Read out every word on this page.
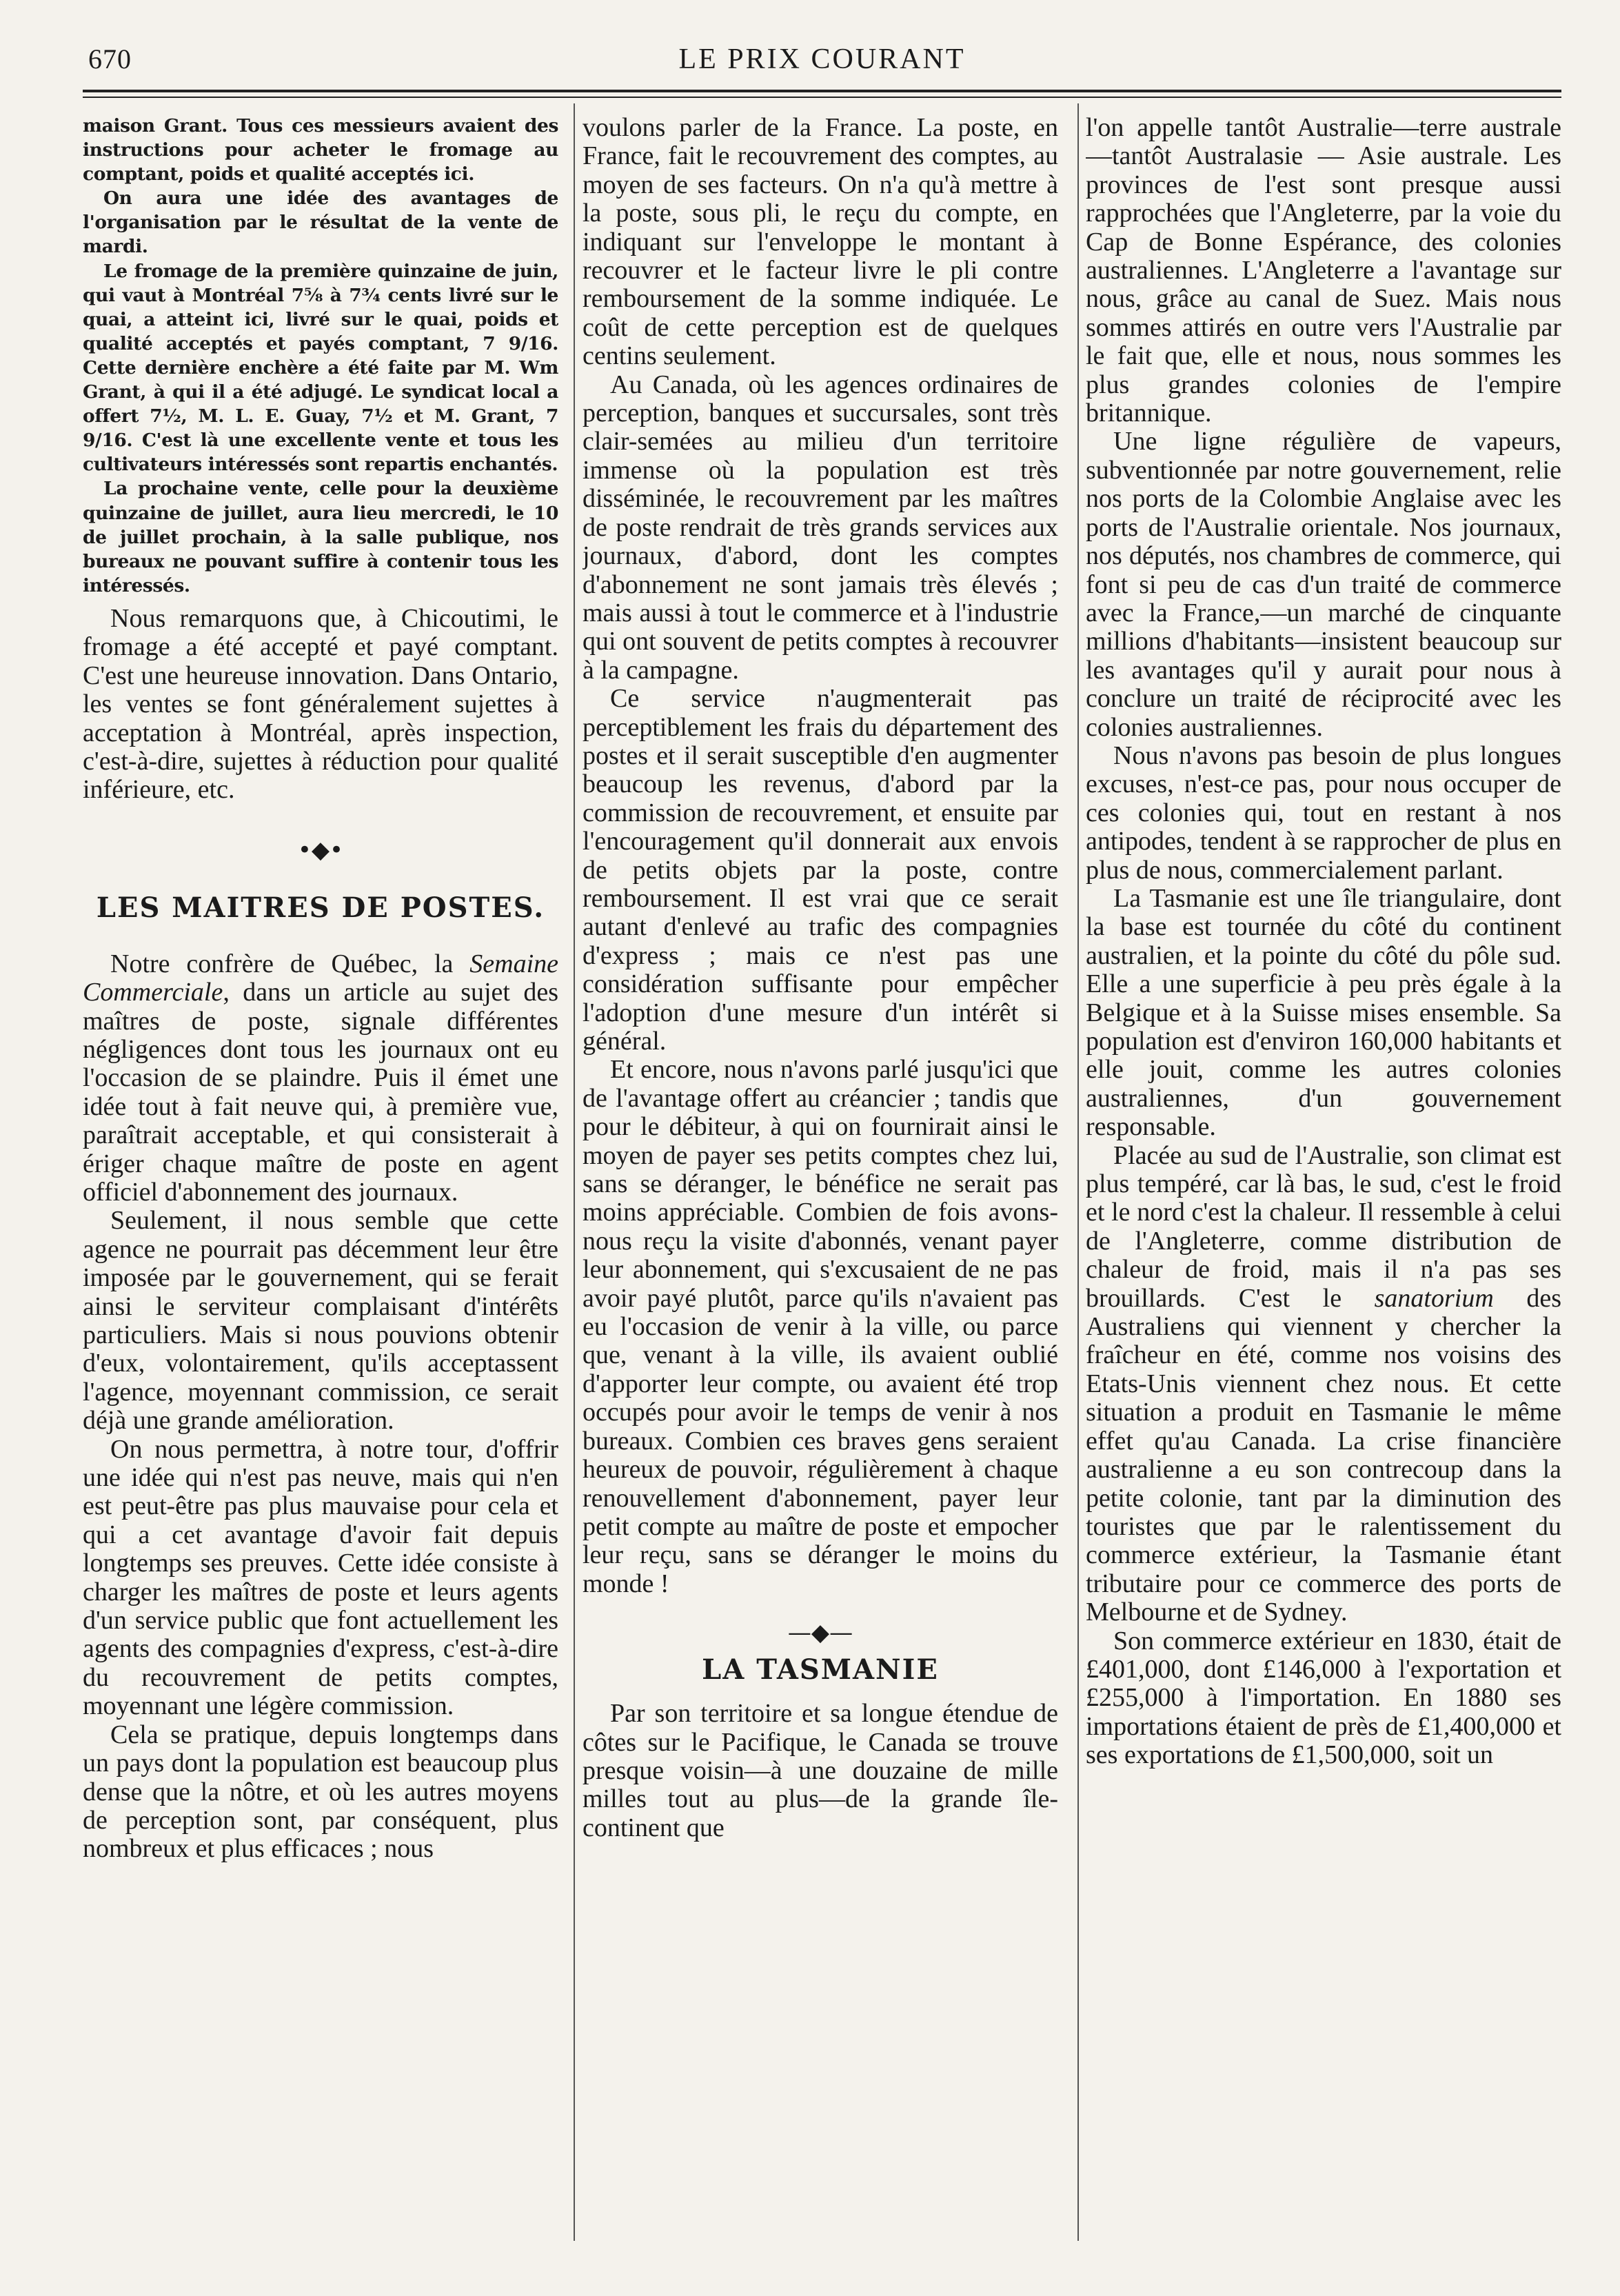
670	LE PRIX COURANT

maison Grant. Tous ces messieurs avaient des instructions pour acheter le fromage au comptant, poids et qualité acceptés ici.

On aura une idée des avantages de l'organisation par le résultat de la vente de mardi.

Le fromage de la première quinzaine de juin, qui vaut à Montréal 7⅝ à 7¾ cents livré sur le quai, a atteint ici, livré sur le quai, poids et qualité acceptés et payés comptant, 7 9/16. Cette dernière enchère a été faite par M. Wm Grant, à qui il a été adjugé. Le syndicat local a offert 7½, M. L. E. Guay, 7½ et M. Grant, 7 9/16. C'est là une excellente vente et tous les cultivateurs intéressés sont repartis enchantés.

La prochaine vente, celle pour la deuxième quinzaine de juillet, aura lieu mercredi, le 10 de juillet prochain, à la salle publique, nos bureaux ne pouvant suffire à contenir tous les intéressés.

Nous remarquons que, à Chicoutimi, le fromage a été accepté et payé comptant. C'est une heureuse innovation. Dans Ontario, les ventes se font généralement sujettes à acceptation à Montréal, après inspection, c'est-à-dire, sujettes à réduction pour qualité inférieure, etc.

•◆•
LES MAITRES DE POSTES.

Notre confrère de Québec, la Semaine Commerciale, dans un article au sujet des maîtres de poste, signale différentes négligences dont tous les journaux ont eu l'occasion de se plaindre. Puis il émet une idée tout à fait neuve qui, à première vue, paraîtrait acceptable, et qui consisterait à ériger chaque maître de poste en agent officiel d'abonnement des journaux.

Seulement, il nous semble que cette agence ne pourrait pas décemment leur être imposée par le gouvernement, qui se ferait ainsi le serviteur complaisant d'intérêts particuliers. Mais si nous pouvions obtenir d'eux, volontairement, qu'ils acceptassent l'agence, moyennant commission, ce serait déjà une grande amélioration.

On nous permettra, à notre tour, d'offrir une idée qui n'est pas neuve, mais qui n'en est peut-être pas plus mauvaise pour cela et qui a cet avantage d'avoir fait depuis longtemps ses preuves. Cette idée consiste à charger les maîtres de poste et leurs agents d'un service public que font actuellement les agents des compagnies d'express, c'est-à-dire du recouvrement de petits comptes, moyennant une légère commission.

Cela se pratique, depuis longtemps dans un pays dont la population est beaucoup plus dense que la nôtre, et où les autres moyens de perception sont, par conséquent, plus nombreux et plus efficaces ; nous

voulons parler de la France. La poste, en France, fait le recouvrement des comptes, au moyen de ses facteurs. On n'a qu'à mettre à la poste, sous pli, le reçu du compte, en indiquant sur l'enveloppe le montant à recouvrer et le facteur livre le pli contre remboursement de la somme indiquée. Le coût de cette perception est de quelques centins seulement.

Au Canada, où les agences ordinaires de perception, banques et succursales, sont très clair-semées au milieu d'un territoire immense où la population est très disséminée, le recouvrement par les maîtres de poste rendrait de très grands services aux journaux, d'abord, dont les comptes d'abonnement ne sont jamais très élevés ; mais aussi à tout le commerce et à l'industrie qui ont souvent de petits comptes à recouvrer à la campagne.

Ce service n'augmenterait pas perceptiblement les frais du département des postes et il serait susceptible d'en augmenter beaucoup les revenus, d'abord par la commission de recouvrement, et ensuite par l'encouragement qu'il donnerait aux envois de petits objets par la poste, contre remboursement. Il est vrai que ce serait autant d'enlevé au trafic des compagnies d'express ; mais ce n'est pas une considération suffisante pour empêcher l'adoption d'une mesure d'un intérêt si général.

Et encore, nous n'avons parlé jusqu'ici que de l'avantage offert au créancier ; tandis que pour le débiteur, à qui on fournirait ainsi le moyen de payer ses petits comptes chez lui, sans se déranger, le bénéfice ne serait pas moins appréciable. Combien de fois avons-nous reçu la visite d'abonnés, venant payer leur abonnement, qui s'excusaient de ne pas avoir payé plutôt, parce qu'ils n'avaient pas eu l'occasion de venir à la ville, ou parce que, venant à la ville, ils avaient oublié d'apporter leur compte, ou avaient été trop occupés pour avoir le temps de venir à nos bureaux. Combien ces braves gens seraient heureux de pouvoir, régulièrement à chaque renouvellement d'abonnement, payer leur petit compte au maître de poste et empocher leur reçu, sans se déranger le moins du monde !

—◆—
LA TASMANIE

Par son territoire et sa longue étendue de côtes sur le Pacifique, le Canada se trouve presque voisin—à une douzaine de mille milles tout au plus—de la grande île-continent que

l'on appelle tantôt Australie—terre australe—tantôt Australasie — Asie australe. Les provinces de l'est sont presque aussi rapprochées que l'Angleterre, par la voie du Cap de Bonne Espérance, des colonies australiennes. L'Angleterre a l'avantage sur nous, grâce au canal de Suez. Mais nous sommes attirés en outre vers l'Australie par le fait que, elle et nous, nous sommes les plus grandes colonies de l'empire britannique.

Une ligne régulière de vapeurs, subventionnée par notre gouvernement, relie nos ports de la Colombie Anglaise avec les ports de l'Australie orientale. Nos journaux, nos députés, nos chambres de commerce, qui font si peu de cas d'un traité de commerce avec la France,—un marché de cinquante millions d'habitants—insistent beaucoup sur les avantages qu'il y aurait pour nous à conclure un traité de réciprocité avec les colonies australiennes.

Nous n'avons pas besoin de plus longues excuses, n'est-ce pas, pour nous occuper de ces colonies qui, tout en restant à nos antipodes, tendent à se rapprocher de plus en plus de nous, commercialement parlant.

La Tasmanie est une île triangulaire, dont la base est tournée du côté du continent australien, et la pointe du côté du pôle sud. Elle a une superficie à peu près égale à la Belgique et à la Suisse mises ensemble. Sa population est d'environ 160,000 habitants et elle jouit, comme les autres colonies australiennes, d'un gouvernement responsable.

Placée au sud de l'Australie, son climat est plus tempéré, car là bas, le sud, c'est le froid et le nord c'est la chaleur. Il ressemble à celui de l'Angleterre, comme distribution de chaleur de froid, mais il n'a pas ses brouillards. C'est le sanatorium des Australiens qui viennent y chercher la fraîcheur en été, comme nos voisins des Etats-Unis viennent chez nous. Et cette situation a produit en Tasmanie le même effet qu'au Canada. La crise financière australienne a eu son contrecoup dans la petite colonie, tant par la diminution des touristes que par le ralentissement du commerce extérieur, la Tasmanie étant tributaire pour ce commerce des ports de Melbourne et de Sydney.

Son commerce extérieur en 1830, était de £401,000, dont £146,000 à l'exportation et £255,000 à l'importation. En 1880 ses importations étaient de près de £1,400,000 et ses exportations de £1,500,000, soit un
